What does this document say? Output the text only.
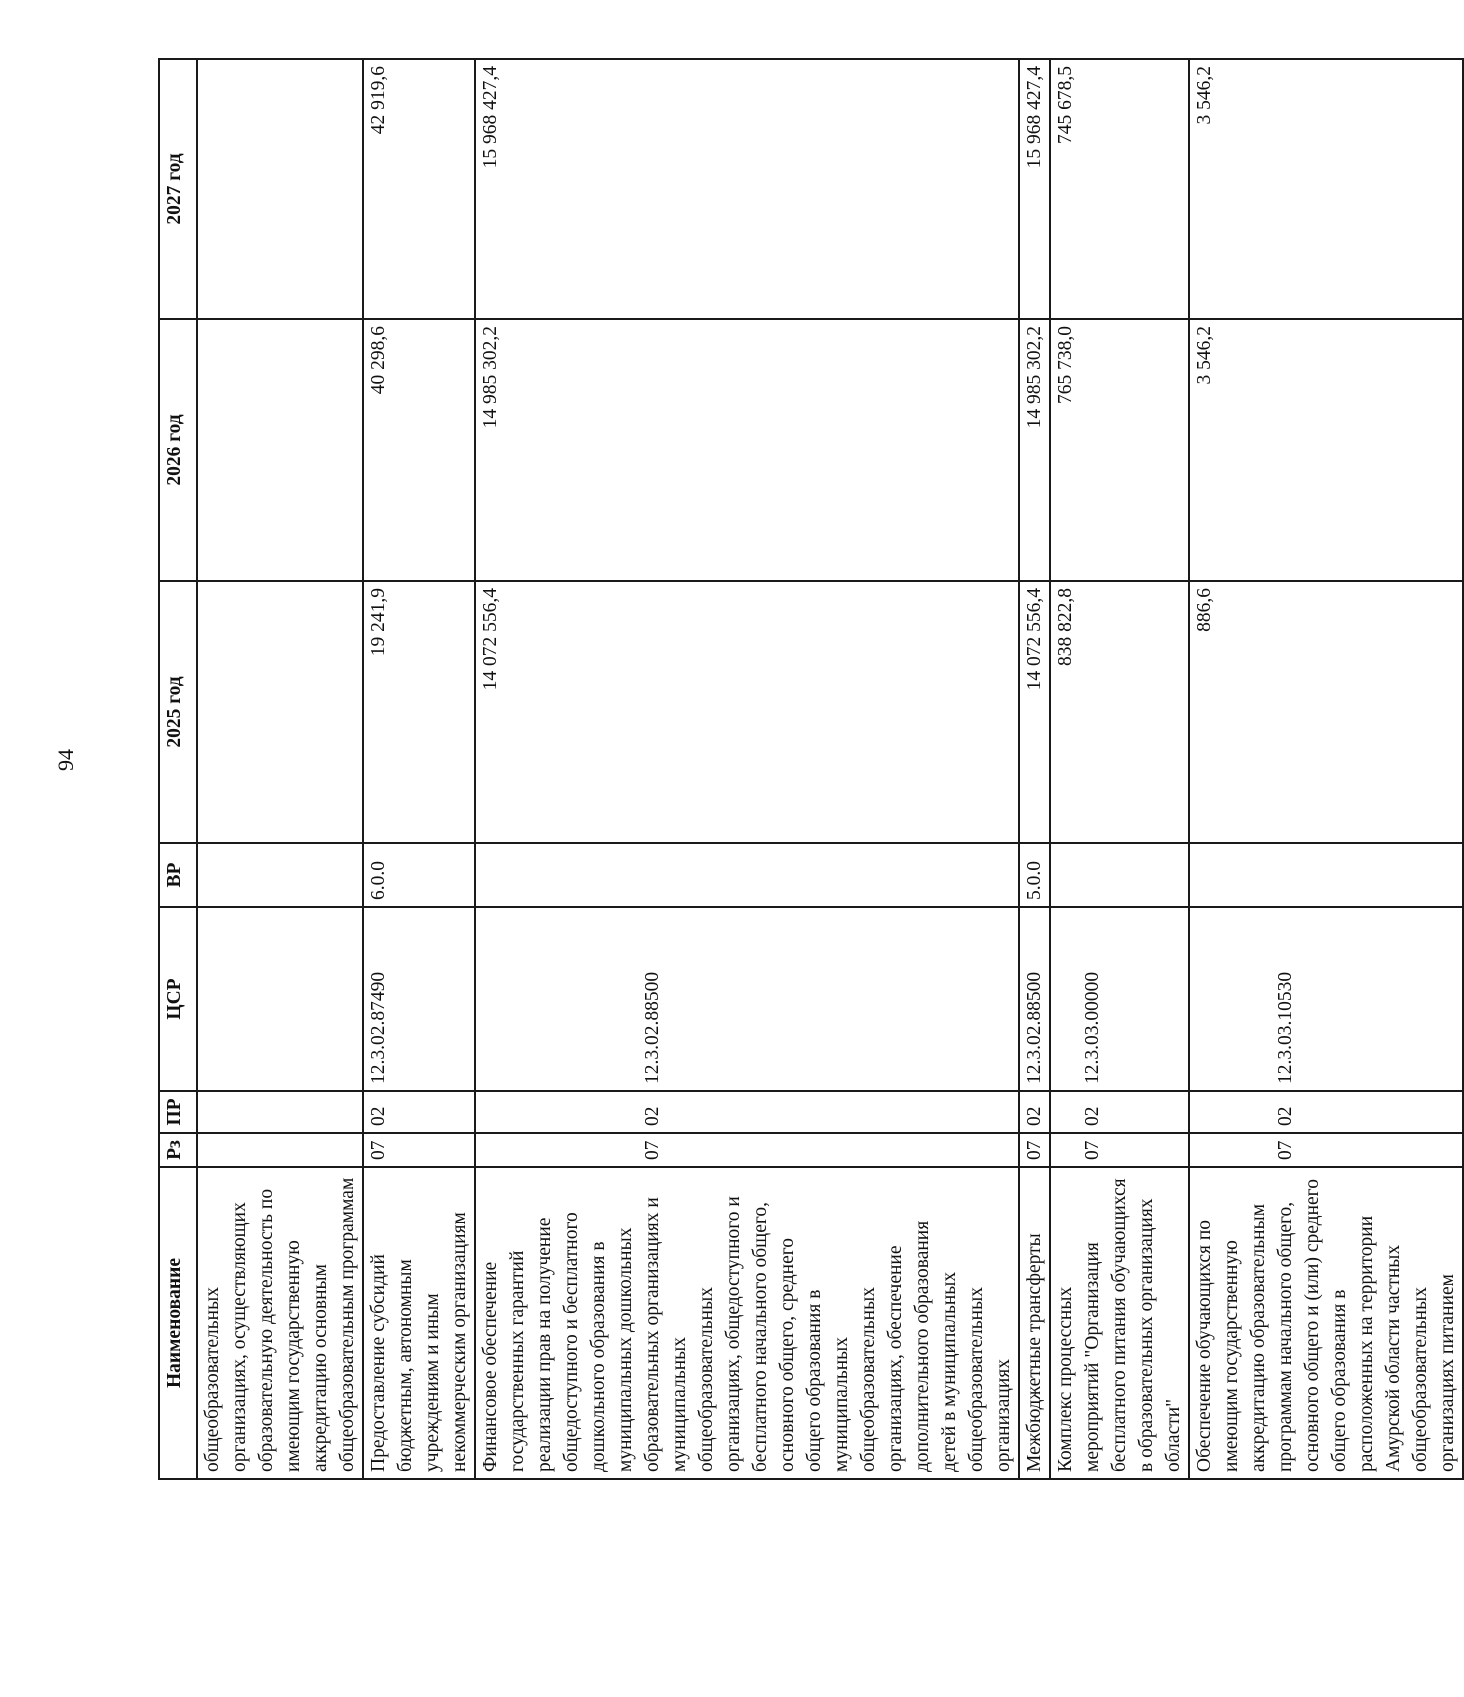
94
Наименование	Рз	ПР	ЦСР	ВР	2025 год	2026 год	2027 год
общеобразовательных организациях, осуществляющих образовательную деятельность по имеющим государственную аккредитацию основным общеобразовательным программам							
Предоставление субсидий бюджетным, автономным учреждениям и иным некоммерческим организациям	07	02	12.3.02.87490	6.0.0	19 241,9	40 298,6	42 919,6
Финансовое обеспечение государственных гарантий реализации прав на получение общедоступного и бесплатного дошкольного образования в муниципальных дошкольных образовательных организациях и муниципальных общеобразовательных организациях, общедоступного и бесплатного начального общего, основного общего, среднего общего образования в муниципальных общеобразовательных организациях, обеспечение дополнительного образования детей в муниципальных общеобразовательных организациях	07	02	12.3.02.88500		14 072 556,4	14 985 302,2	15 968 427,4
Межбюджетные трансферты	07	02	12.3.02.88500	5.0.0	14 072 556,4	14 985 302,2	15 968 427,4
Комплекс процессных мероприятий "Организация бесплатного питания обучающихся в образовательных организациях области"	07	02	12.3.03.00000		838 822,8	765 738,0	745 678,5
Обеспечение обучающихся по имеющим государственную аккредитацию образовательным программам начального общего, основного общего и (или) среднего общего образования в расположенных на территории Амурской области частных общеобразовательных организациях питанием	07	02	12.3.03.10530		886,6	3 546,2	3 546,2
